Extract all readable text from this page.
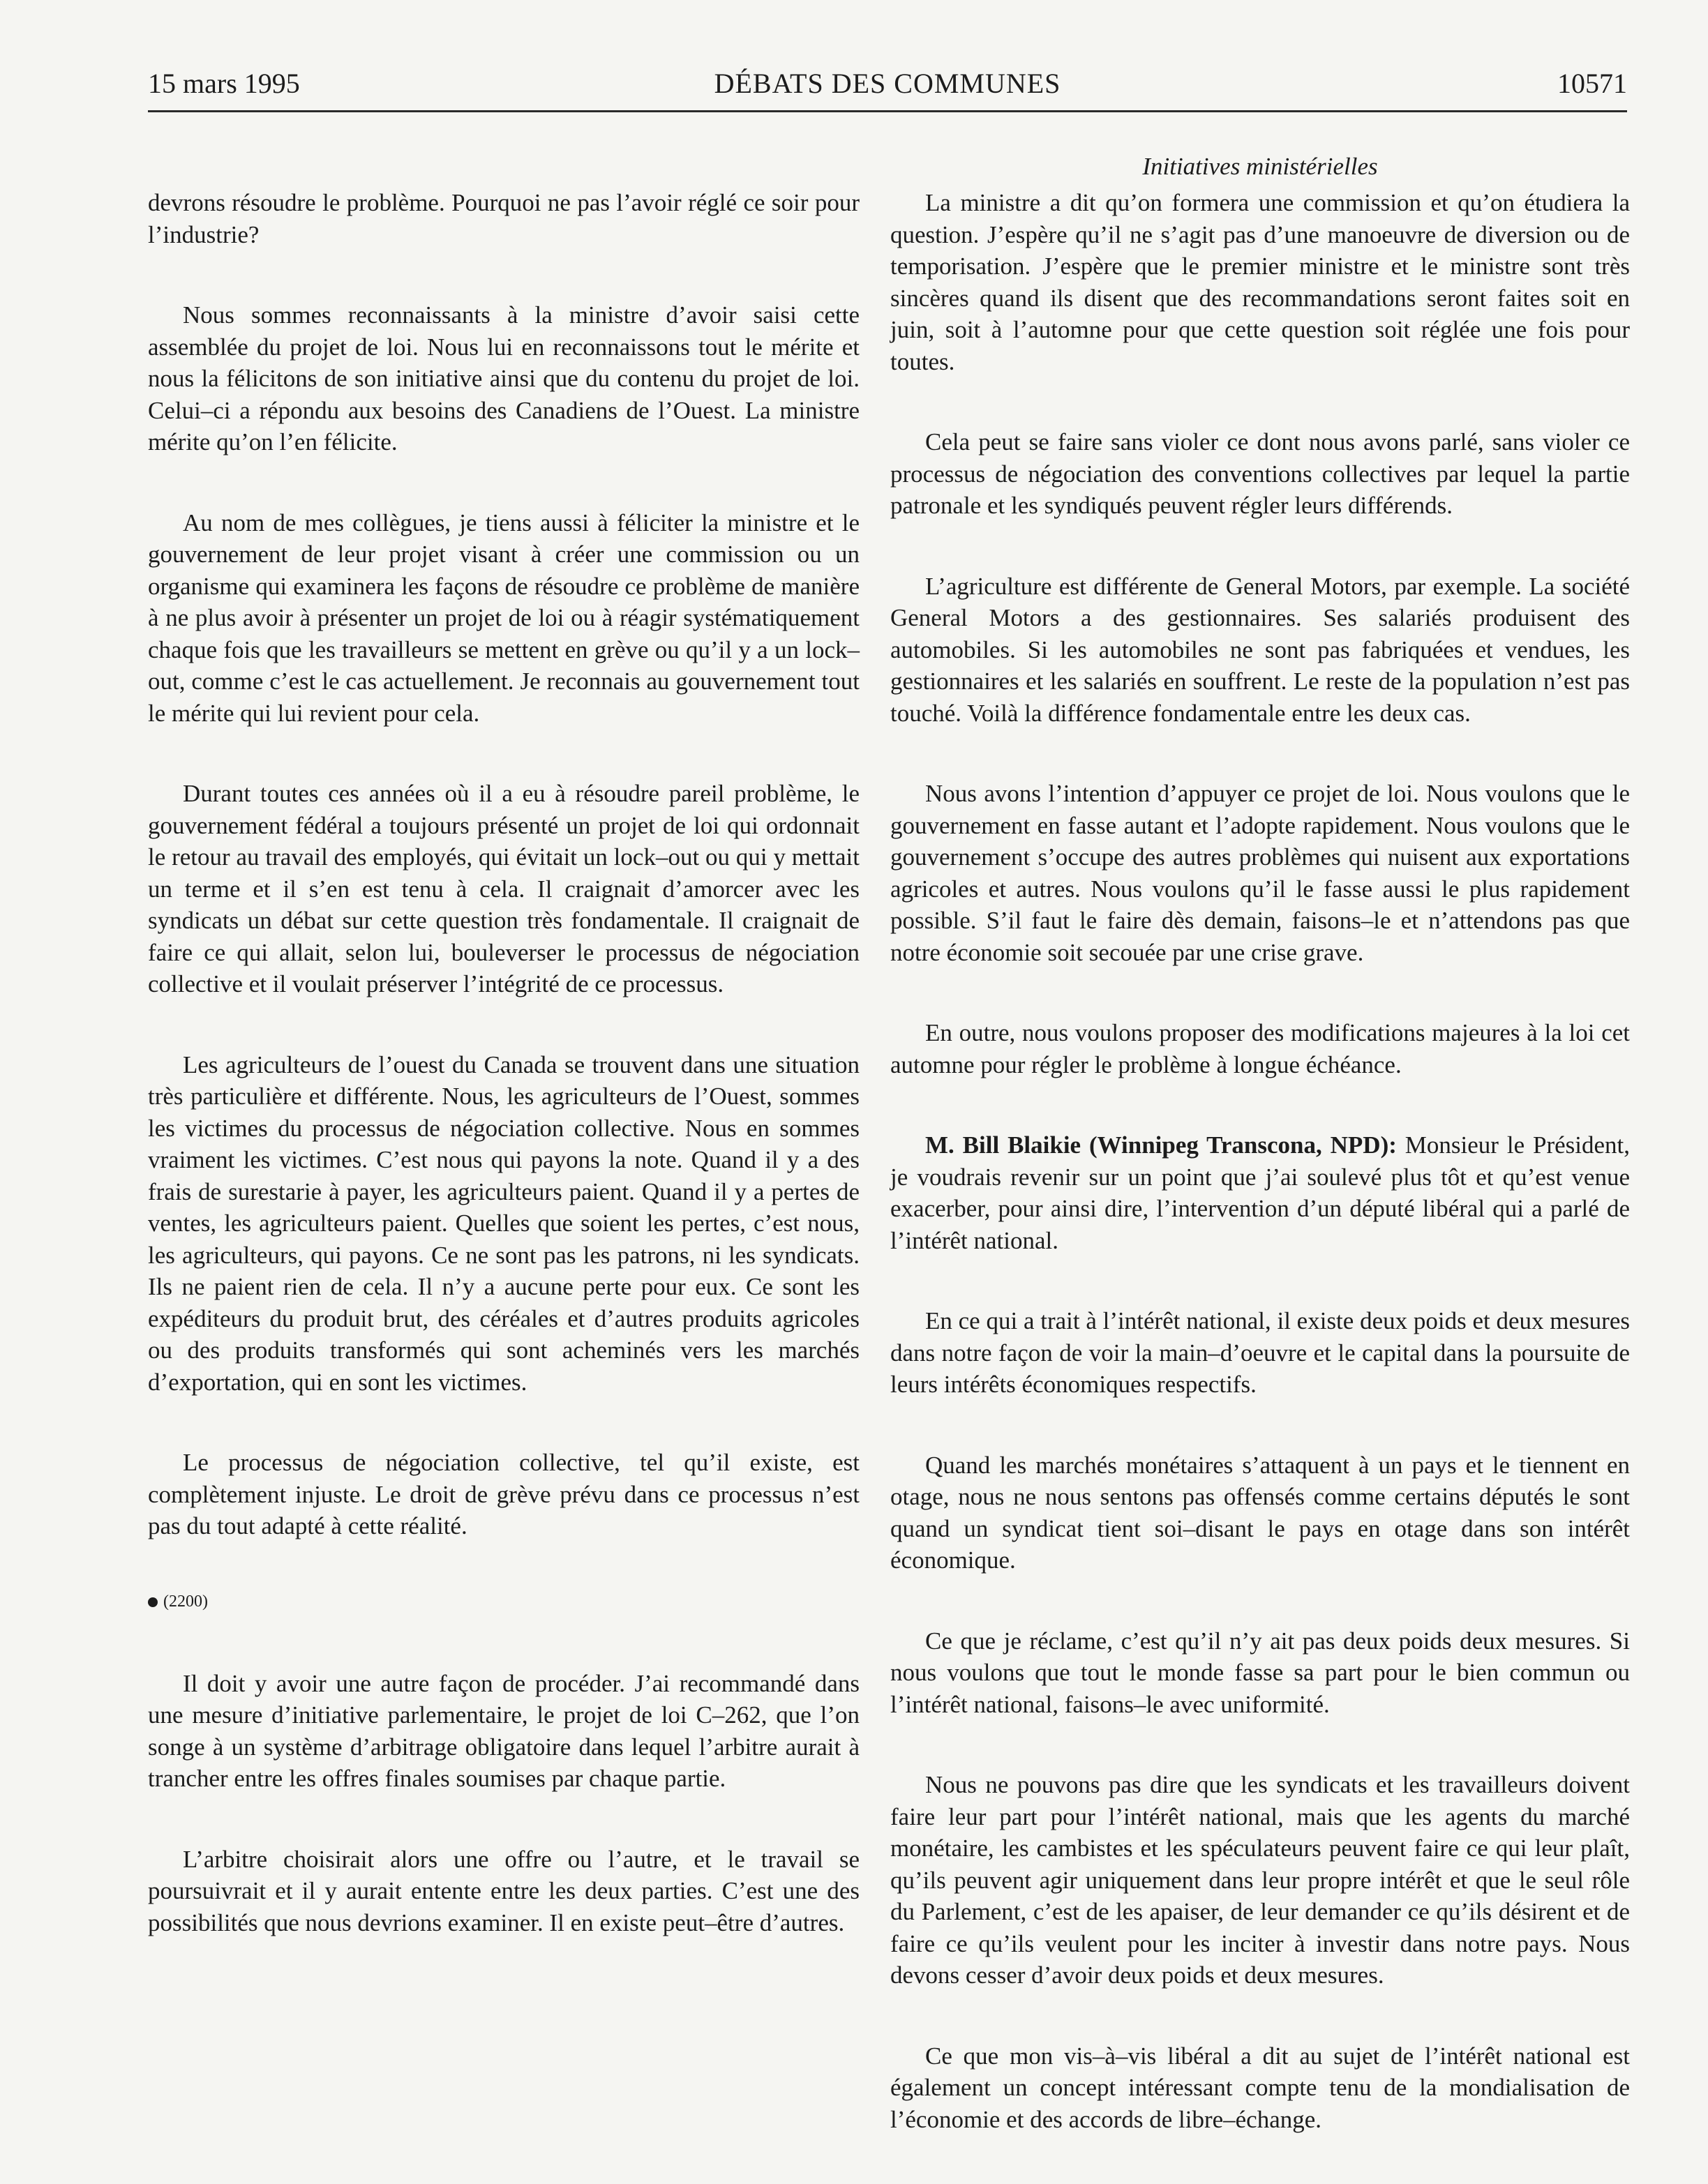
15 mars 1995	DÉBATS DES COMMUNES	10571
Initiatives ministérielles

devrons résoudre le problème. Pourquoi ne pas l’avoir réglé ce soir pour l’industrie?

Nous sommes reconnaissants à la ministre d’avoir saisi cette assemblée du projet de loi. Nous lui en reconnaissons tout le mérite et nous la félicitons de son initiative ainsi que du contenu du projet de loi. Celui–ci a répondu aux besoins des Canadiens de l’Ouest. La ministre mérite qu’on l’en félicite.

Au nom de mes collègues, je tiens aussi à féliciter la ministre et le gouvernement de leur projet visant à créer une commission ou un organisme qui examinera les façons de résoudre ce problème de manière à ne plus avoir à présenter un projet de loi ou à réagir systématiquement chaque fois que les travailleurs se mettent en grève ou qu’il y a un lock–out, comme c’est le cas actuellement. Je reconnais au gouvernement tout le mérite qui lui revient pour cela.

Durant toutes ces années où il a eu à résoudre pareil problème, le gouvernement fédéral a toujours présenté un projet de loi qui ordonnait le retour au travail des employés, qui évitait un lock–out ou qui y mettait un terme et il s’en est tenu à cela. Il craignait d’amorcer avec les syndicats un débat sur cette question très fondamentale. Il craignait de faire ce qui allait, selon lui, bouleverser le processus de négociation collective et il voulait préserver l’intégrité de ce processus.

Les agriculteurs de l’ouest du Canada se trouvent dans une situation très particulière et différente. Nous, les agriculteurs de l’Ouest, sommes les victimes du processus de négociation collective. Nous en sommes vraiment les victimes. C’est nous qui payons la note. Quand il y a des frais de surestarie à payer, les agriculteurs paient. Quand il y a pertes de ventes, les agriculteurs paient. Quelles que soient les pertes, c’est nous, les agriculteurs, qui payons. Ce ne sont pas les patrons, ni les syndicats. Ils ne paient rien de cela. Il n’y a aucune perte pour eux. Ce sont les expéditeurs du produit brut, des céréales et d’autres produits agricoles ou des produits transformés qui sont acheminés vers les marchés d’exportation, qui en sont les victimes.

Le processus de négociation collective, tel qu’il existe, est complètement injuste. Le droit de grève prévu dans ce processus n’est pas du tout adapté à cette réalité.

(2200)

Il doit y avoir une autre façon de procéder. J’ai recommandé dans une mesure d’initiative parlementaire, le projet de loi C–262, que l’on songe à un système d’arbitrage obligatoire dans lequel l’arbitre aurait à trancher entre les offres finales soumises par chaque partie.

L’arbitre choisirait alors une offre ou l’autre, et le travail se poursuivrait et il y aurait entente entre les deux parties. C’est une des possibilités que nous devrions examiner. Il en existe peut–être d’autres.

La ministre a dit qu’on formera une commission et qu’on étudiera la question. J’espère qu’il ne s’agit pas d’une manoeuvre de diversion ou de temporisation. J’espère que le premier ministre et le ministre sont très sincères quand ils disent que des recommandations seront faites soit en juin, soit à l’automne pour que cette question soit réglée une fois pour toutes.

Cela peut se faire sans violer ce dont nous avons parlé, sans violer ce processus de négociation des conventions collectives par lequel la partie patronale et les syndiqués peuvent régler leurs différends.

L’agriculture est différente de General Motors, par exemple. La société General Motors a des gestionnaires. Ses salariés produisent des automobiles. Si les automobiles ne sont pas fabriquées et vendues, les gestionnaires et les salariés en souffrent. Le reste de la population n’est pas touché. Voilà la différence fondamentale entre les deux cas.

Nous avons l’intention d’appuyer ce projet de loi. Nous voulons que le gouvernement en fasse autant et l’adopte rapidement. Nous voulons que le gouvernement s’occupe des autres problèmes qui nuisent aux exportations agricoles et autres. Nous voulons qu’il le fasse aussi le plus rapidement possible. S’il faut le faire dès demain, faisons–le et n’attendons pas que notre économie soit secouée par une crise grave.

En outre, nous voulons proposer des modifications majeures à la loi cet automne pour régler le problème à longue échéance.

M. Bill Blaikie (Winnipeg Transcona, NPD): Monsieur le Président, je voudrais revenir sur un point que j’ai soulevé plus tôt et qu’est venue exacerber, pour ainsi dire, l’intervention d’un député libéral qui a parlé de l’intérêt national.

En ce qui a trait à l’intérêt national, il existe deux poids et deux mesures dans notre façon de voir la main–d’oeuvre et le capital dans la poursuite de leurs intérêts économiques respectifs.

Quand les marchés monétaires s’attaquent à un pays et le tiennent en otage, nous ne nous sentons pas offensés comme certains députés le sont quand un syndicat tient soi–disant le pays en otage dans son intérêt économique.

Ce que je réclame, c’est qu’il n’y ait pas deux poids deux mesures. Si nous voulons que tout le monde fasse sa part pour le bien commun ou l’intérêt national, faisons–le avec uniformité.

Nous ne pouvons pas dire que les syndicats et les travailleurs doivent faire leur part pour l’intérêt national, mais que les agents du marché monétaire, les cambistes et les spéculateurs peuvent faire ce qui leur plaît, qu’ils peuvent agir uniquement dans leur propre intérêt et que le seul rôle du Parlement, c’est de les apaiser, de leur demander ce qu’ils désirent et de faire ce qu’ils veulent pour les inciter à investir dans notre pays. Nous devons cesser d’avoir deux poids et deux mesures.

Ce que mon vis–à–vis libéral a dit au sujet de l’intérêt national est également un concept intéressant compte tenu de la mondialisation de l’économie et des accords de libre–échange.
